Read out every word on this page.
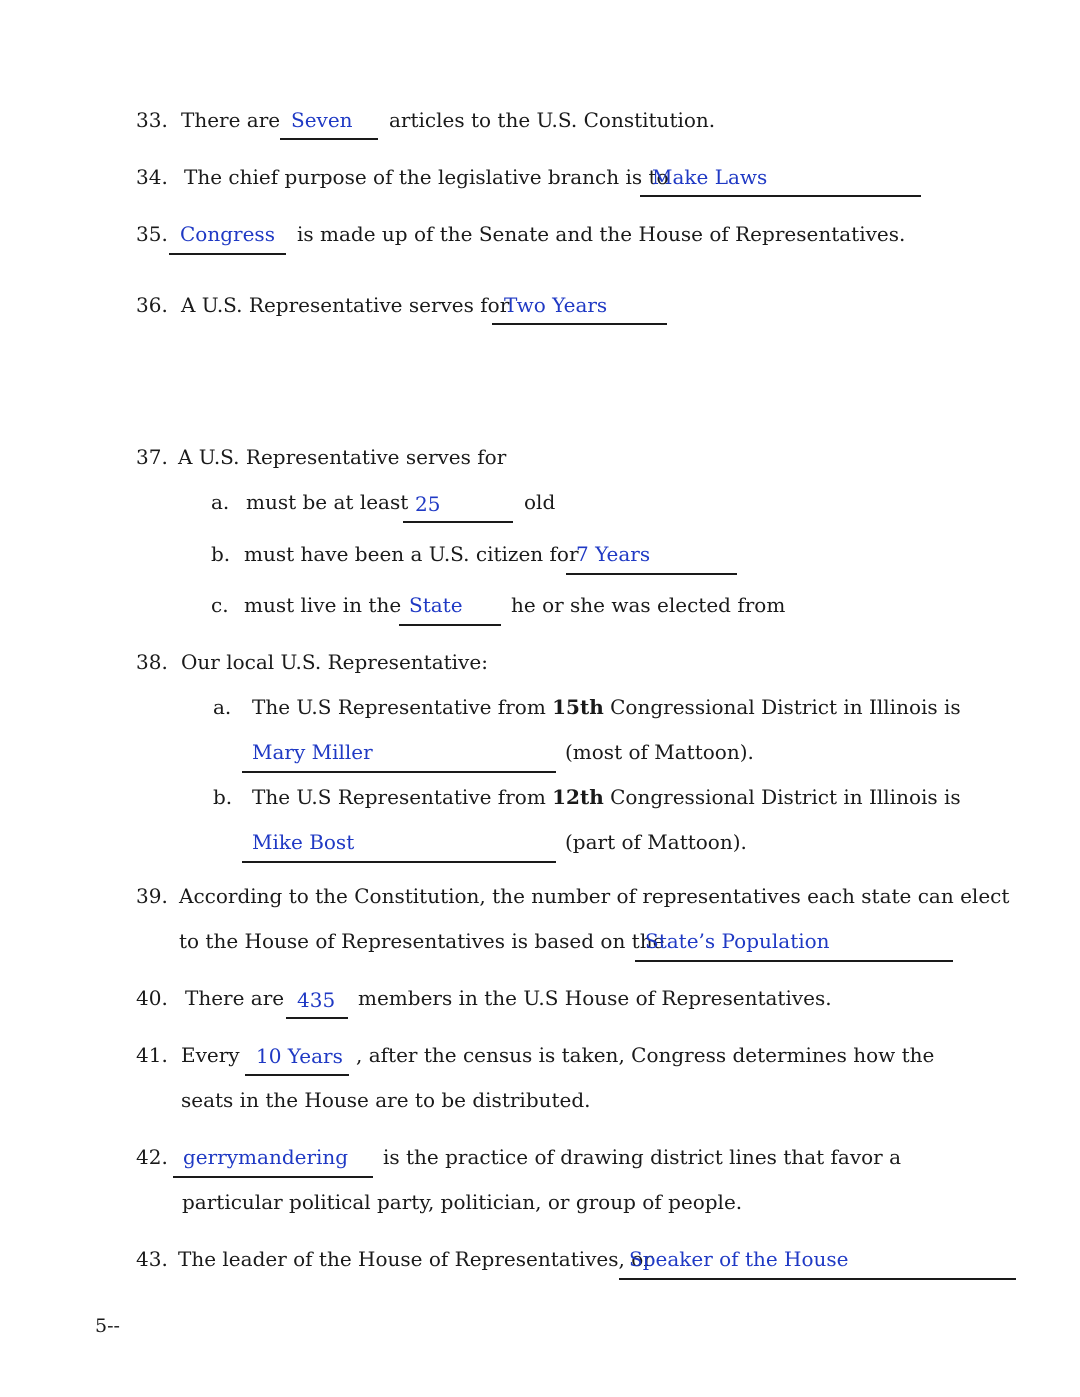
33. There are Seven articles to the U.S. Constitution.
34. The chief purpose of the legislative branch is to
Make Laws
35. Congress is made up of the Senate and the House of Representatives.
36. A U.S. Representative serves for
Two Years
37. A U.S. Representative serves for
a. must be at least 25	old
b. must have been a U.S. citizen for
7 Years
c. must live in the State he or she was elected from
38. Our local U.S. Representative:
a. The U.S Representative from 15th Congressional District in Illinois is
Mary Miller	(most of Mattoon).
b. The U.S Representative from 12th Congressional District in Illinois is
Mike Bost	(part of Mattoon).
39. According to the Constitution, the number of representatives each state can elect
to the House of Representatives is based on the
State’s Population
40. There are 435 members in the U.S House of Representatives.
41. Every 10 Years , after the census is taken, Congress determines how the
seats in the House are to be distributed.
42. gerrymandering is the practice of drawing district lines that favor a
particular political party, politician, or group of people.
43. The leader of the House of Representatives, or
Speaker of the House
5--
